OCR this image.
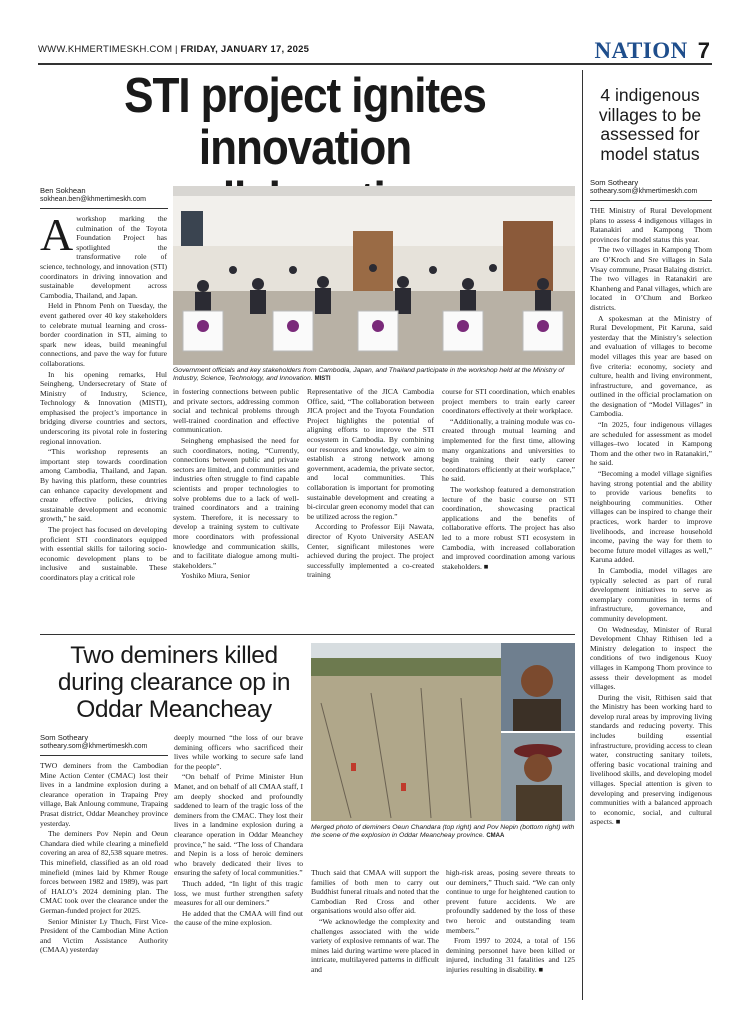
WWW.KHMERTIMESKH.COM | FRIDAY, JANUARY 17, 2025	NATION 7
STI project ignites
innovation
Ben Sokhean
sokhean.ben@khmertimeskh.com
Government officials and key stakeholders from Cambodia, Japan, and Thailand participate in the workshop held at the Ministry of Industry, Science, Technology, and Innovation. MISTI

Aworkshop marking the culmination of the Toyota Foundation Project has spotlighted the transformative role of science, technology, and innovation (STI) coordinators in driving innovation and sustainable development across Cambodia, Thailand, and Japan.

Held in Phnom Penh on Tuesday, the event gathered over 40 key stakeholders to celebrate mutual learning and cross-border coordination in STI, aiming to spark new ideas, build meaningful connections, and pave the way for future collaborations.

In his opening remarks, Hul Seingheng, Undersecretary of State of Ministry of Industry, Science, Technology & Innovation (MISTI), emphasised the project’s importance in bridging diverse countries and sectors, underscoring its pivotal role in fostering regional innovation.

“This workshop represents an important step towards coordination among Cambodia, Thailand, and Japan. By having this platform, these countries can enhance capacity development and create effective policies, driving sustainable development and economic growth,” he said.

The project has focused on developing proficient STI coordinators equipped with essential skills for tailoring socio-economic development plans to be inclusive and sustainable. These coordinators play a critical role

in fostering connections between public and private sectors, addressing common social and technical problems through well-trained coordination and effective communication.

Seingheng emphasised the need for such coordinators, noting, “Currently, connections between public and private sectors are limited, and communities and industries often struggle to find capable scientists and proper technologies to solve problems due to a lack of well-trained coordinators and a training system. Therefore, it is necessary to develop a training system to cultivate more coordinators with professional knowledge and communication skills, and to facilitate dialogue among multi-stakeholders.”

Yoshiko Miura, Senior

Representative of the JICA Cambodia Office, said, “The collaboration between JICA project and the Toyota Foundation Project highlights the potential of aligning efforts to improve the STI ecosystem in Cambodia. By combining our resources and knowledge, we aim to establish a strong network among government, academia, the private sector, and local communities. This collaboration is important for promoting sustainable development and creating a bi-circular green economy model that can be utilized across the region.”

According to Professor Eiji Nawata, director of Kyoto University ASEAN Center, significant milestones were achieved during the project. The project successfully implemented a co-created training

course for STI coordination, which enables project members to train early career coordinators effectively at their workplace.

“Additionally, a training module was co-created through mutual learning and implemented for the first time, allowing many organizations and universities to begin training their early career coordinators efficiently at their workplace,” he said.

The workshop featured a demonstration lecture of the basic course on STI coordination, showcasing practical applications and the benefits of collaborative efforts. The project has also led to a more robust STI ecosystem in Cambodia, with increased collaboration and improved coordination among various stakeholders. ■

Two deminers killed
during clearance op in
Oddar Meancheay
Som Sotheary
sotheary.som@khmertimeskh.com
Merged photo of deminers Oeun Chandara (top right) and Pov Nepin (bottom right) with the scene of the explosion in Oddar Meancheay province. CMAA

TWO deminers from the Cambodian Mine Action Center (CMAC) lost their lives in a landmine explosion during a clearance operation in Trapaing Prey village, Bak Anloung commune, Trapaing Prasat district, Oddar Meanchey province yesterday.

The deminers Pov Nepin and Oeun Chandara died while clearing a minefield covering an area of 82,538 square metres. This minefield, classified as an old road minefield (mines laid by Khmer Rouge forces between 1982 and 1989), was part of HALO’s 2024 demining plan. The CMAC took over the clearance under the German-funded project for 2025.

Senior Minister Ly Thuch, First Vice-President of the Cambodian Mine Action and Victim Assistance Authority (CMAA) yesterday

deeply mourned “the loss of our brave demining officers who sacrificed their lives while working to secure safe land for the people”.

“On behalf of Prime Minister Hun Manet, and on behalf of all CMAA staff, I am deeply shocked and profoundly saddened to learn of the tragic loss of the deminers from the CMAC. They lost their lives in a landmine explosion during a clearance operation in Oddar Meanchey province,” he said. “The loss of Chandara and Nepin is a loss of heroic deminers who bravely dedicated their lives to ensuring the safety of local communities.”

Thuch added, “In light of this tragic loss, we must further strengthen safety measures for all our deminers.”

He added that the CMAA will find out the cause of the mine explosion.

Thuch said that CMAA will support the families of both men to carry out Buddhist funeral rituals and noted that the Cambodian Red Cross and other organisations would also offer aid.

“We acknowledge the complexity and challenges associated with the wide variety of explosive remnants of war. The mines laid during wartime were placed in intricate, multilayered patterns in difficult and

high-risk areas, posing severe threats to our deminers,” Thuch said. “We can only continue to urge for heightened caution to prevent future accidents. We are profoundly saddened by the loss of these two heroic and outstanding team members.”

From 1997 to 2024, a total of 156 demining personnel have been killed or injured, including 31 fatalities and 125 injuries resulting in disability. ■

4 indigenous villages to be assessed for model status
Som Sotheary
sotheary.som@khmertimeskh.com

THE Ministry of Rural Development plans to assess 4 indigenous villages in Ratanakiri and Kampong Thom provinces for model status this year.

The two villages in Kampong Thom are O’Kroch and Sre villages in Sala Visay commune, Prasat Balaing district. The two villages in Ratanakiri are Khanheng and Panal villages, which are located in O’Chum and Borkeo districts.

A spokesman at the Ministry of Rural Development, Pit Karuna, said yesterday that the Ministry’s selection and evaluation of villages to become model villages this year are based on five criteria: economy, society and culture, health and living environment, infrastructure, and governance, as outlined in the official proclamation on the designation of “Model Villages” in Cambodia.

“In 2025, four indigenous villages are scheduled for assessment as model villages–two located in Kampong Thom and the other two in Ratanakiri,” he said.

“Becoming a model village signifies having strong potential and the ability to provide various benefits to neighbouring communities. Other villages can be inspired to change their practices, work harder to improve livelihoods, and increase household income, paving the way for them to become future model villages as well,” Karuna added.

In Cambodia, model villages are typically selected as part of rural development initiatives to serve as exemplary communities in terms of infrastructure, governance, and community development.

On Wednesday, Minister of Rural Development Chhay Rithisen led a Ministry delegation to inspect the conditions of two indigenous Kuoy villages in Kampong Thom province to assess their development as model villages.

During the visit, Rithisen said that the Ministry has been working hard to develop rural areas by improving living standards and reducing poverty. This includes building essential infrastructure, providing access to clean water, constructing sanitary toilets, offering basic vocational training and livelihood skills, and developing model villages. Special attention is given to developing and preserving indigenous communities with a balanced approach to economic, social, and cultural aspects. ■
